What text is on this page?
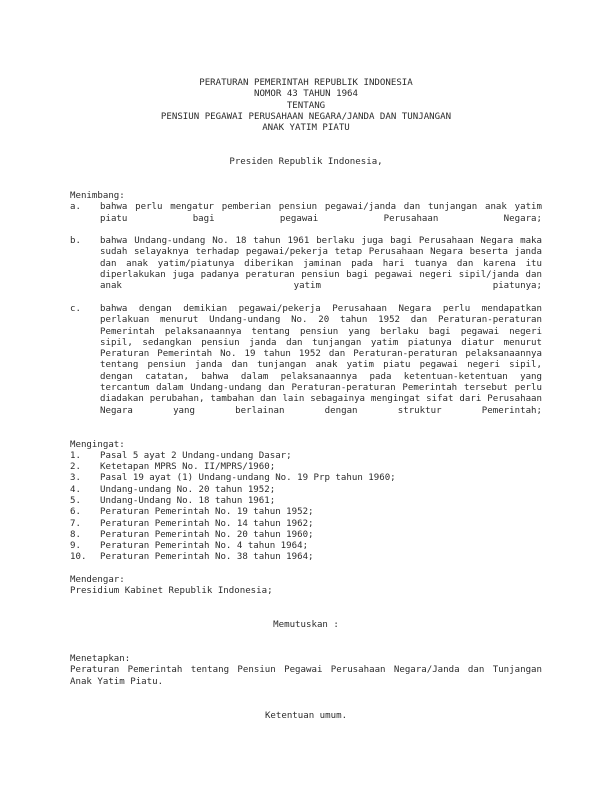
PERATURAN PEMERINTAH REPUBLIK INDONESIA
NOMOR 43 TAHUN 1964
TENTANG
PENSIUN PEGAWAI PERUSAHAAN NEGARA/JANDA DAN TUNJANGAN
ANAK YATIM PIATU

Presiden Republik Indonesia,

Menimbang:
a.	bahwa perlu mengatur pemberian pensiun pegawai/janda dan tunjangan anak yatim piatu bagi pegawai Perusahaan Negara;
b.	bahwa Undang-undang No. 18 tahun 1961 berlaku juga bagi Perusahaan Negara maka sudah selayaknya terhadap pegawai/pekerja tetap Perusahaan Negara beserta janda dan anak yatim/piatunya diberikan jaminan pada hari tuanya dan karena itu diperlakukan juga padanya peraturan pensiun bagi pegawai negeri sipil/janda dan anak yatim piatunya;
c.	bahwa dengan demikian pegawai/pekerja Perusahaan Negara perlu mendapatkan perlakuan menurut Undang-undang No. 20 tahun 1952 dan Peraturan-peraturan Pemerintah pelaksanaannya tentang pensiun yang berlaku bagi pegawai negeri sipil, sedangkan pensiun janda dan tunjangan yatim piatunya diatur menurut Peraturan Pemerintah No. 19 tahun 1952 dan Peraturan-peraturan pelaksanaannya tentang pensiun janda dan tunjangan anak yatim piatu pegawai negeri sipil, dengan catatan, bahwa dalam pelaksanaannya pada ketentuan-ketentuan yang tercantum dalam Undang-undang dan Peraturan-peraturan Pemerintah tersebut perlu diadakan perubahan, tambahan dan lain sebagainya mengingat sifat dari Perusahaan Negara yang berlainan dengan struktur Pemerintah;

Mengingat:
1.	Pasal 5 ayat 2 Undang-undang Dasar;
2.	Ketetapan MPRS No. II/MPRS/1960;
3.	Pasal 19 ayat (1) Undang-undang No. 19 Prp tahun 1960;
4.	Undang-undang No. 20 tahun 1952;
5.	Undang-Undang No. 18 tahun 1961;
6.	Peraturan Pemerintah No. 19 tahun 1952;
7.	Peraturan Pemerintah No. 14 tahun 1962;
8.	Peraturan Pemerintah No. 20 tahun 1960;
9.	Peraturan Pemerintah No. 4 tahun 1964;
10.	Peraturan Pemerintah No. 38 tahun 1964;

Mendengar:
Presidium Kabinet Republik Indonesia;

Memutuskan :

Menetapkan:
Peraturan Pemerintah tentang Pensiun Pegawai Perusahaan Negara/Janda dan Tunjangan Anak Yatim Piatu.

Ketentuan umum.
